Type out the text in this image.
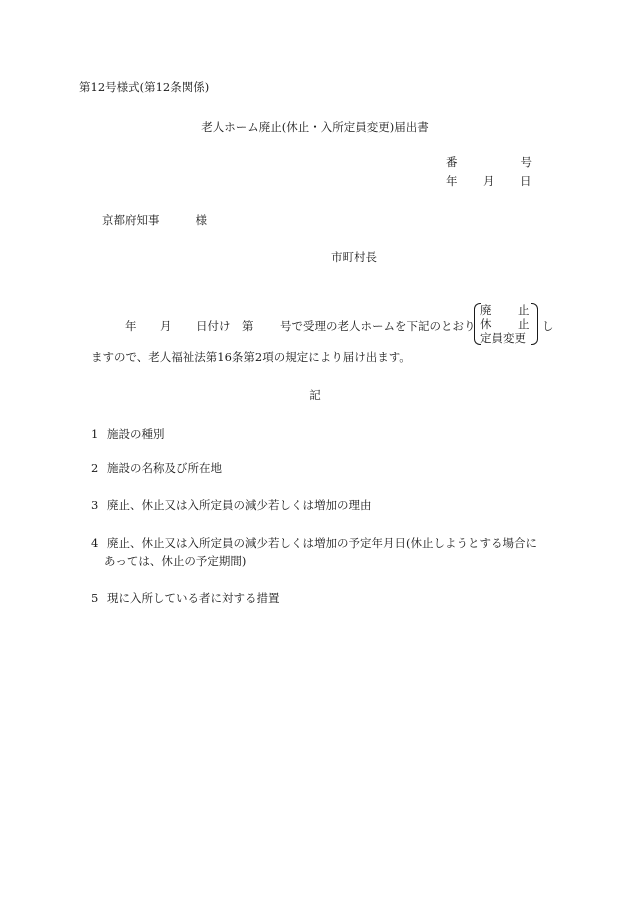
第12号様式(第12条関係)
老人ホーム廃止(休止・入所定員変更)届出書
番	号
年 月 日
京都府知事	様
市町村長
年 月 日付け 第 号で受理の老人ホームを下記のとおり
廃 止
休 止
定員変更
し
ますので、老人福祉法第16条第2項の規定により届け出ます。
記
1 施設の種別
2 施設の名称及び所在地
3 廃止、休止又は入所定員の減少若しくは増加の理由
4 廃止、休止又は入所定員の減少若しくは増加の予定年月日(休止しようとする場合に
あっては、休止の予定期間)
5 現に入所している者に対する措置
